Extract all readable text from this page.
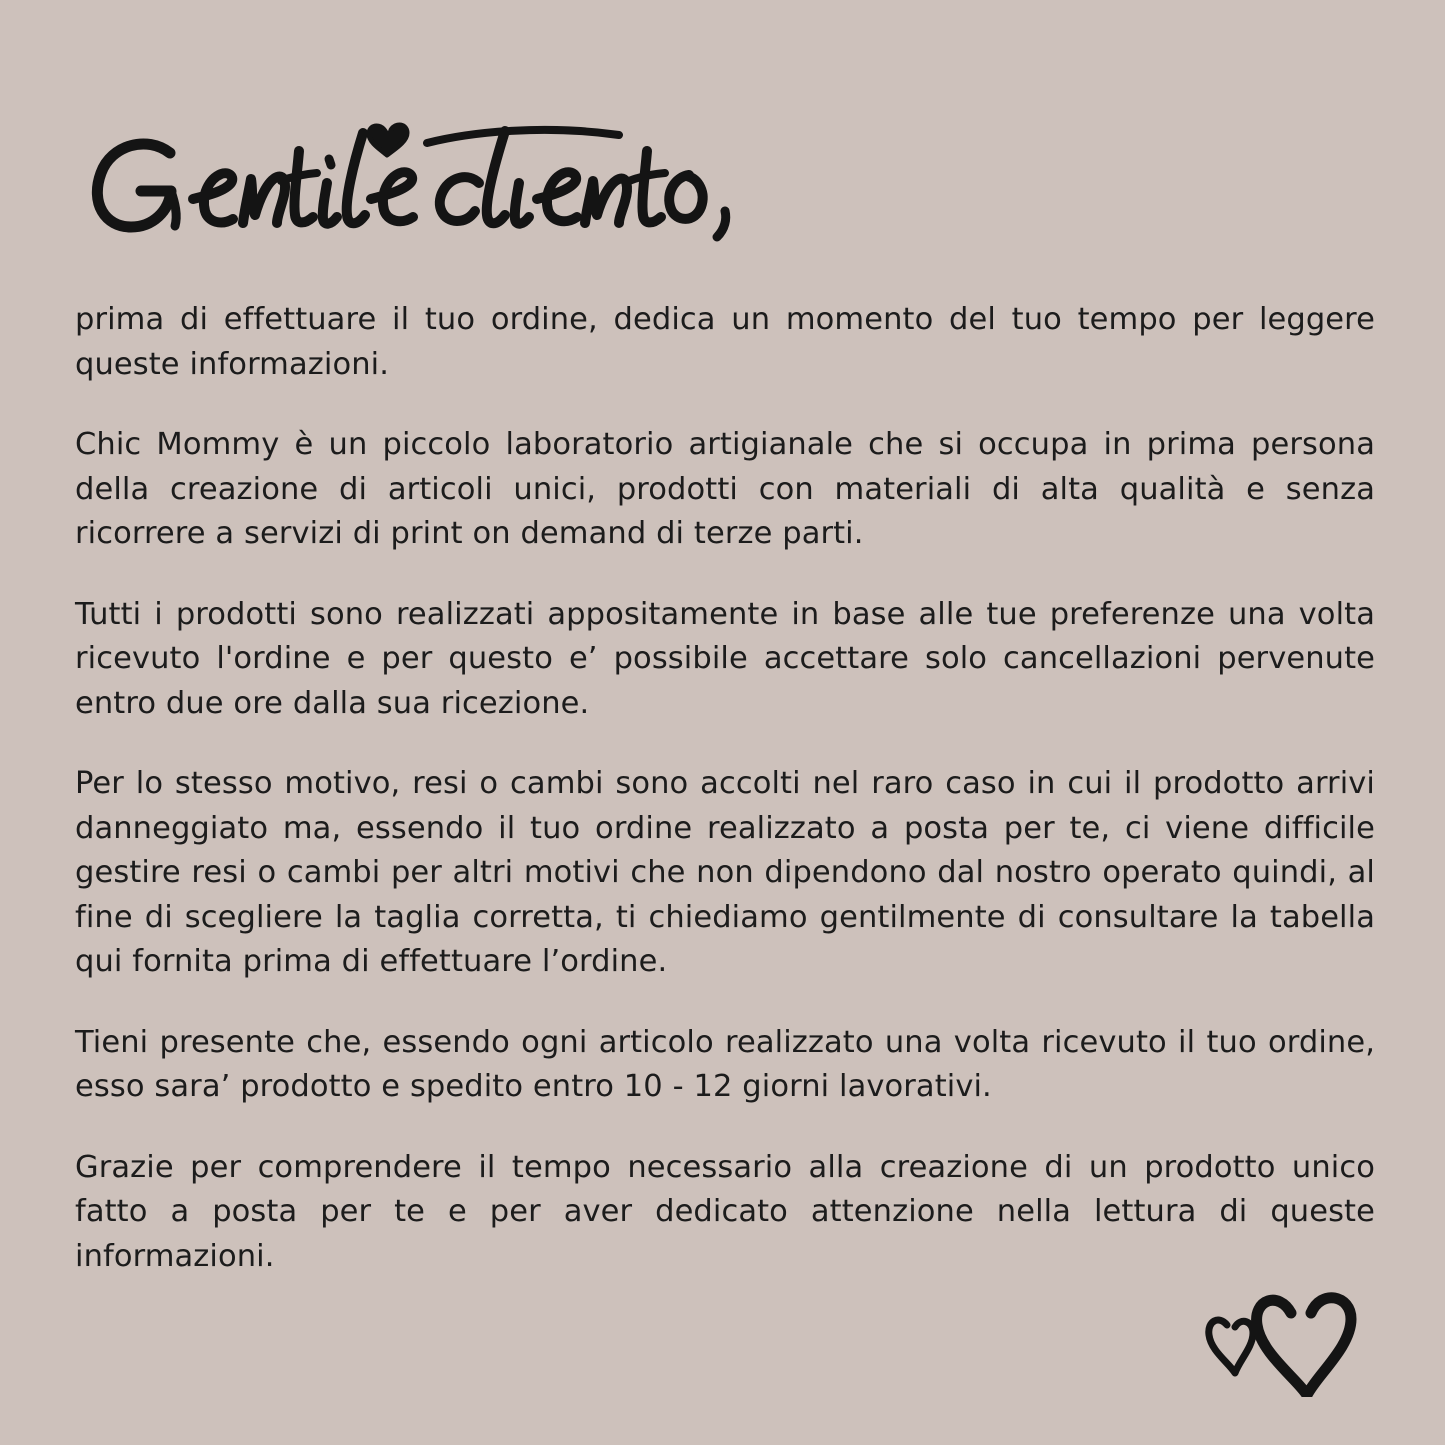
prima di effettuare il tuo ordine, dedica un momento del tuo tempo per leggere queste informazioni.

Chic Mommy è un piccolo laboratorio artigianale che si occupa in prima persona della creazione di articoli unici, prodotti con materiali di alta qualità e senza ricorrere a servizi di print on demand di terze parti.

Tutti i prodotti sono realizzati appositamente in base alle tue preferenze una volta ricevuto l'ordine e per questo e’ possibile accettare solo cancellazioni pervenute entro due ore dalla sua ricezione.

Per lo stesso motivo, resi o cambi sono accolti nel raro caso in cui il prodotto arrivi danneggiato ma, essendo il tuo ordine realizzato a posta per te, ci viene difficile gestire resi o cambi per altri motivi che non dipendono dal nostro operato quindi, al fine di scegliere la taglia corretta, ti chiediamo gentilmente di consultare la tabella qui fornita prima di effettuare l’ordine.

Tieni presente che, essendo ogni articolo realizzato una volta ricevuto il tuo ordine, esso sara’ prodotto e spedito entro 10 - 12 giorni lavorativi.

Grazie per comprendere il tempo necessario alla creazione di un prodotto unico fatto a posta per te e per aver dedicato attenzione nella lettura di queste informazioni.
